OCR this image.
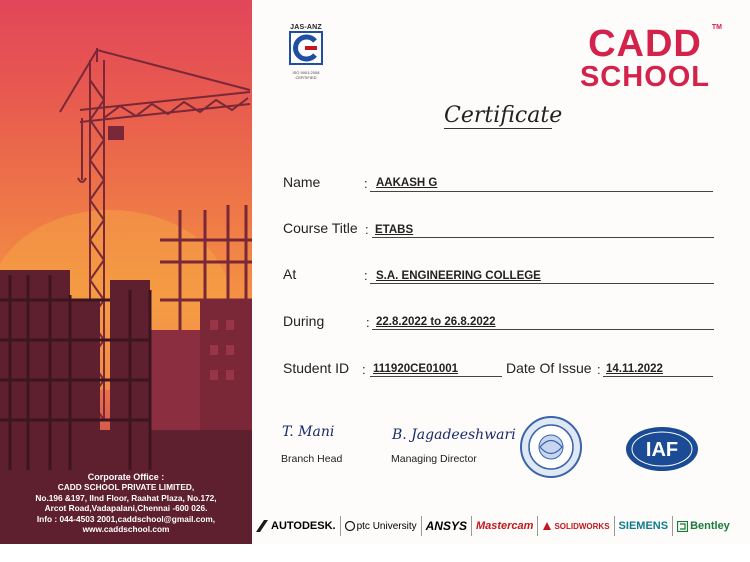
Corporate Office :
CADD SCHOOL PRIVATE LIMITED,
No.196 &197, IInd Floor, Raahat Plaza, No.172,
Arcot Road,Vadapalani,Chennai -600 026.
Info : 044-4503 2001,caddschool@gmail.com,
www.caddschool.com
JAS-ANZ
ISO 9001:2008
CERTIFIED
TM
CADD
SCHOOL
Certificate
Name	: AAKASH G
Course Title : ETABS
At	: S.A. ENGINEERING COLLEGE
During	: 22.8.2022 to 26.8.2022
Student ID : 111920CE01001	Date Of Issue : 14.11.2022
T. Mani
Branch Head
B. Jagadeeshwari
Managing Director	IAF
AUTODESK. ptc University ANSYS Mastercam	SOLIDWORKS SIEMENS Bentley
